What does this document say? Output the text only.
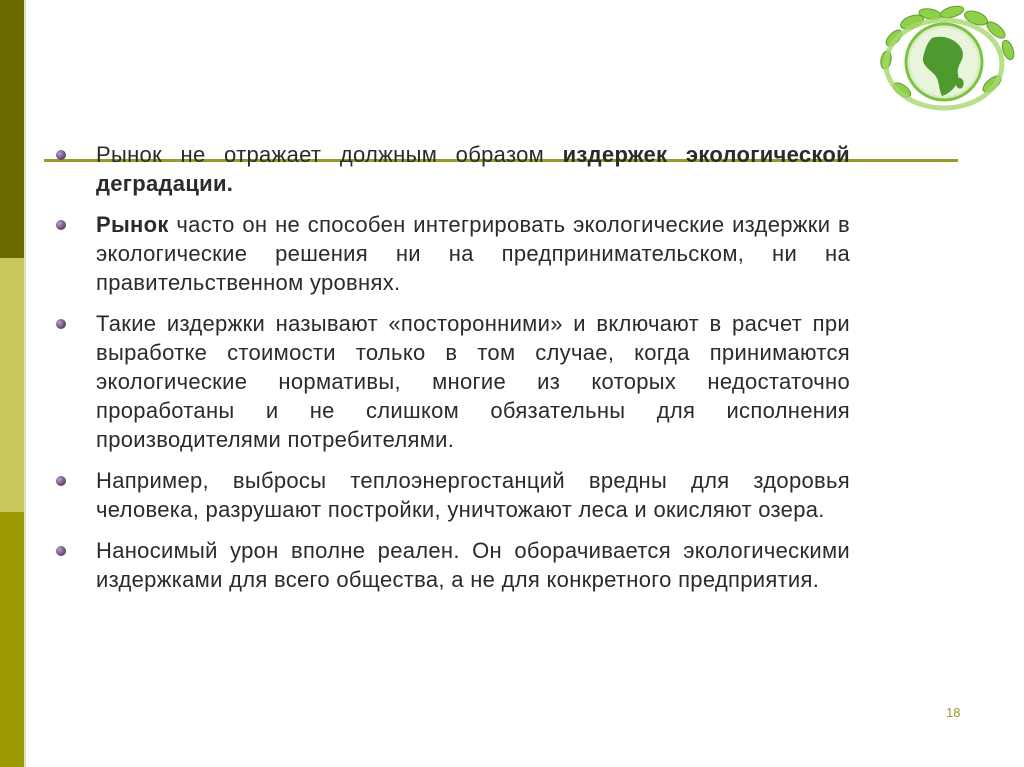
Рынок не отражает должным образом издержек экологической деградации.

Рынок часто он не способен интегрировать экологические издержки в экологические решения ни на предпринимательском, ни на правительственном уровнях.

Такие издержки называют «посторонними» и включают в расчет при выработке стоимости только в том случае, когда принимаются экологические нормативы, многие из которых недостаточно проработаны и не слишком обязательны для исполнения производителями потребителями.

Например, выбросы теплоэнергостанций вредны для здоровья человека, разрушают постройки, уничтожают леса и окисляют озера.

Наносимый урон вполне реален. Он оборачивается экологическими издержками для всего общества, а не для конкретного предприятия.

18
